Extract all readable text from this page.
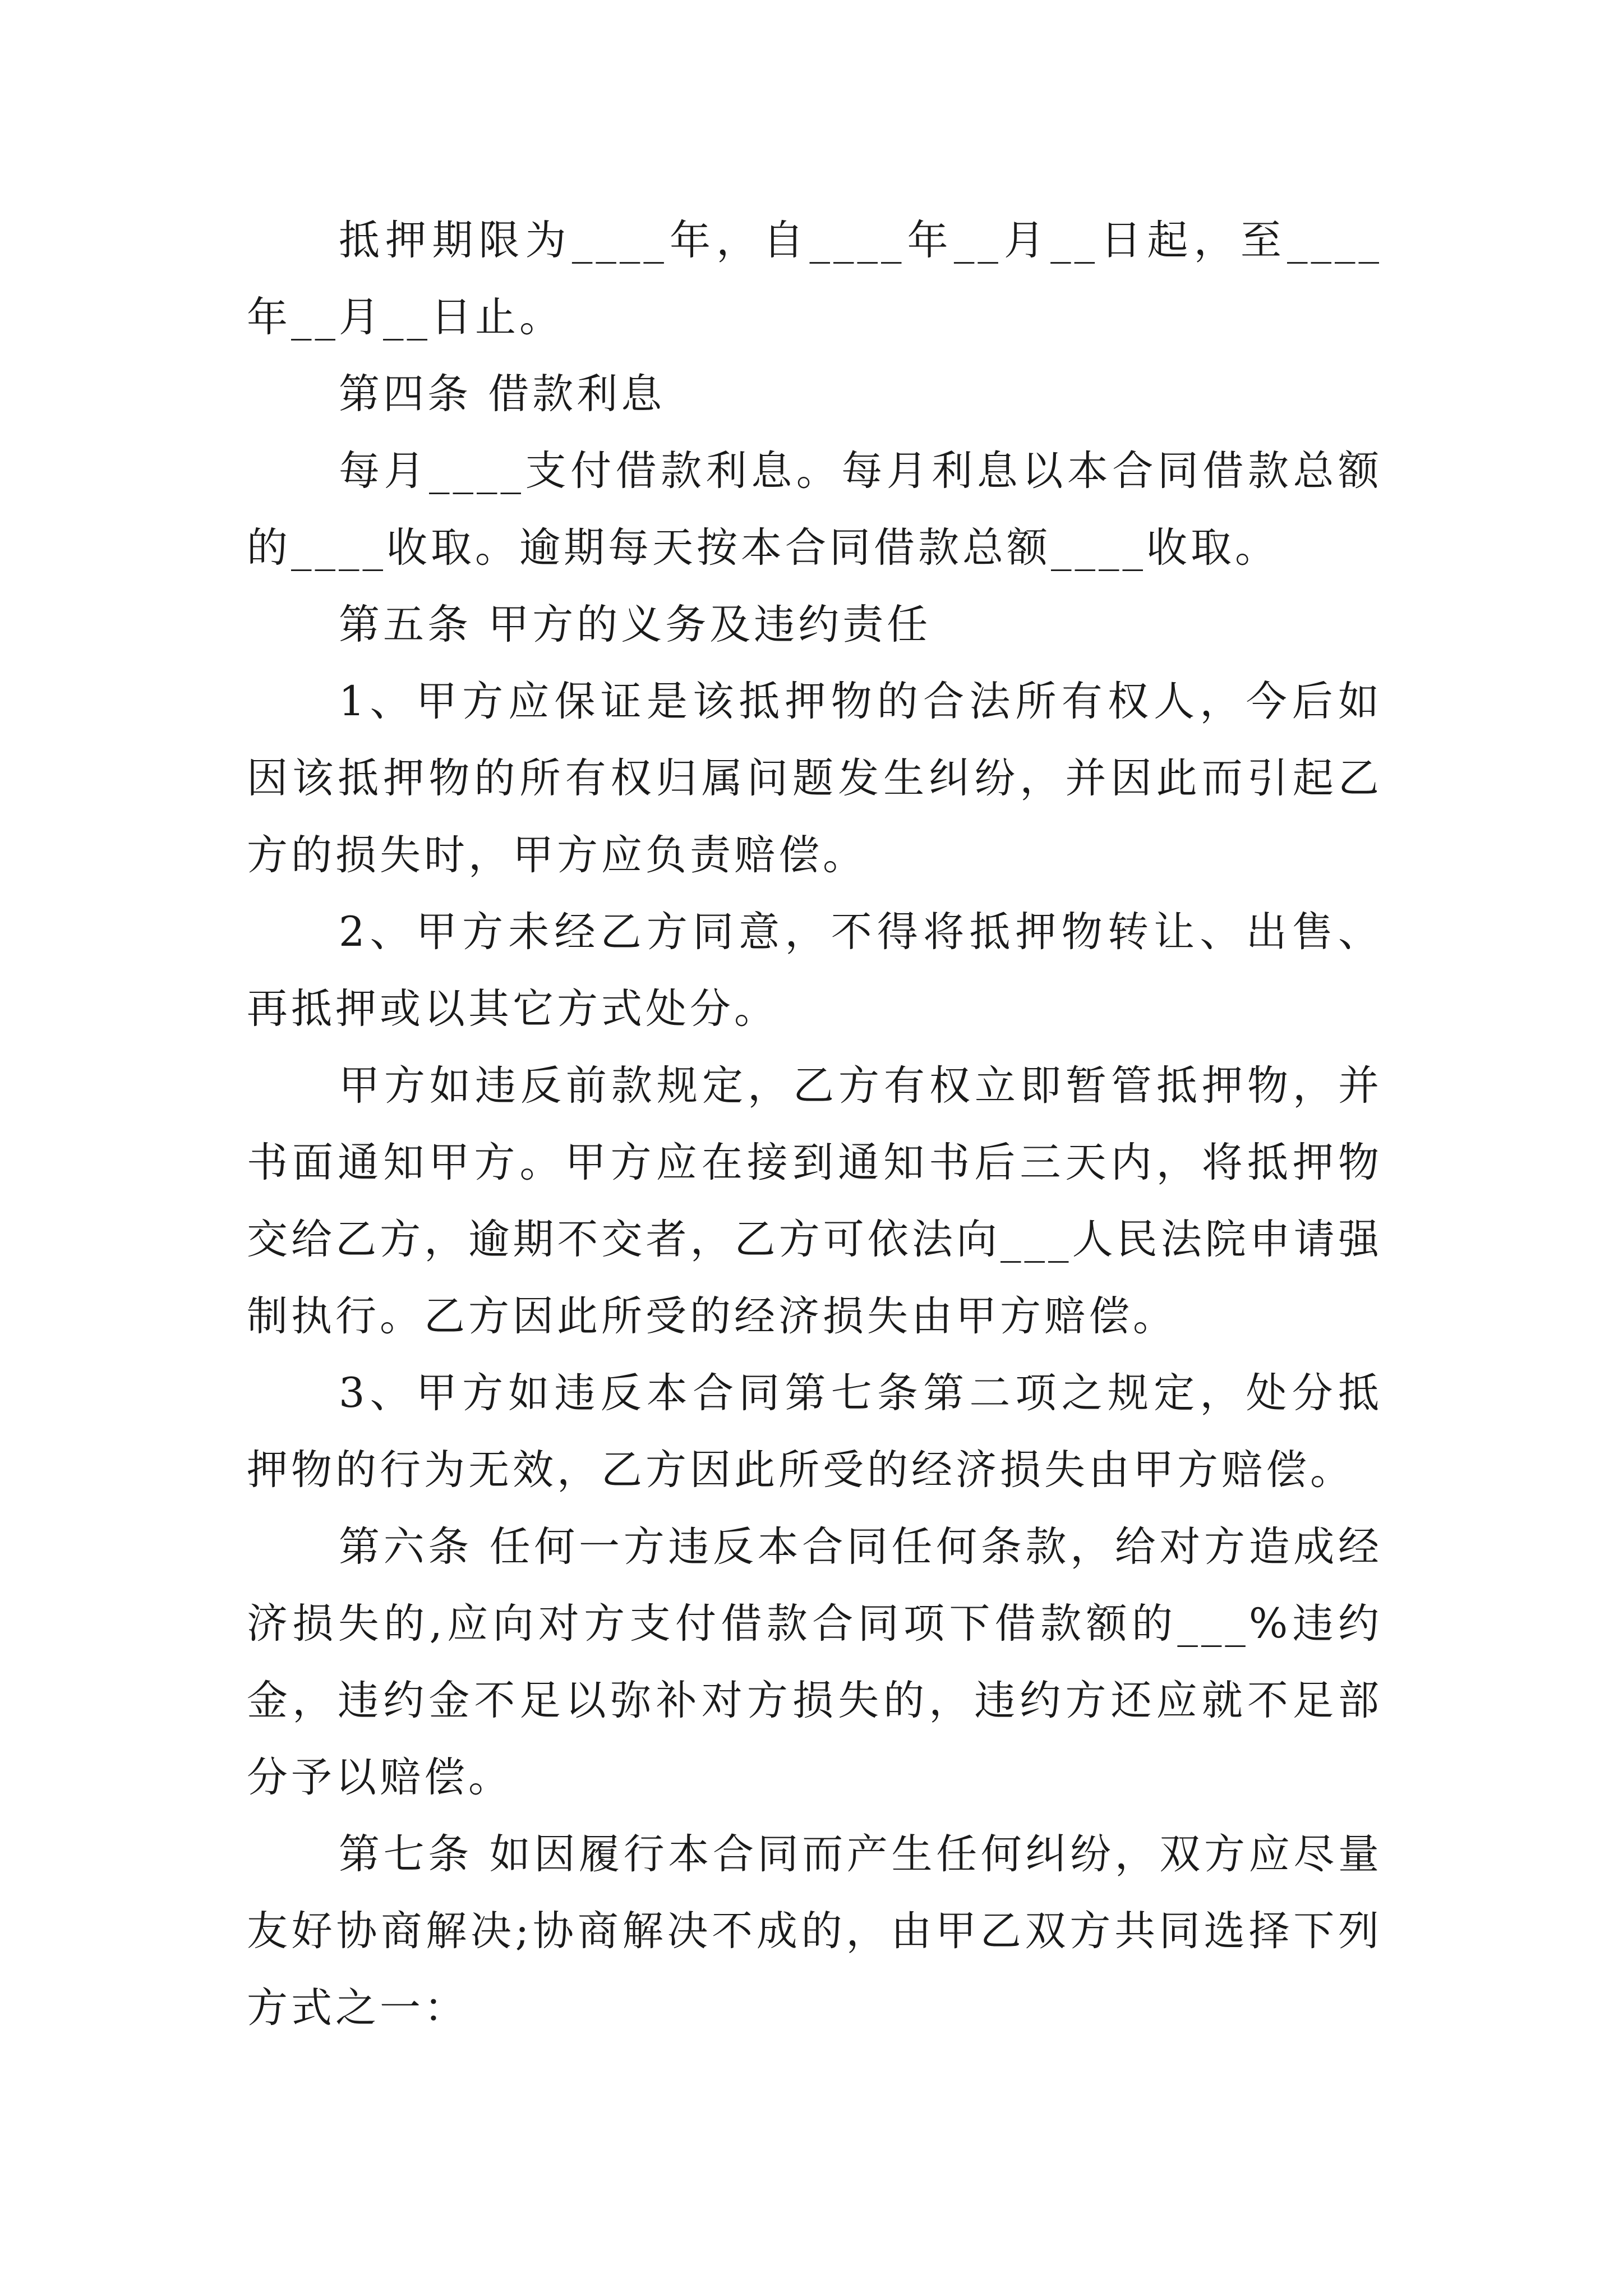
抵押期限为____年，自____年__月__日起，至____年__月__日止。

第四条 借款利息

每月____支付借款利息。每月利息以本合同借款总额的____收取。逾期每天按本合同借款总额____收取。

第五条 甲方的义务及违约责任

1、甲方应保证是该抵押物的合法所有权人，今后如因该抵押物的所有权归属问题发生纠纷，并因此而引起乙方的损失时，甲方应负责赔偿。

2、甲方未经乙方同意，不得将抵押物转让、出售、再抵押或以其它方式处分。

甲方如违反前款规定，乙方有权立即暂管抵押物，并书面通知甲方。甲方应在接到通知书后三天内，将抵押物交给乙方，逾期不交者，乙方可依法向___人民法院申请强制执行。乙方因此所受的经济损失由甲方赔偿。

3、甲方如违反本合同第七条第二项之规定，处分抵押物的行为无效，乙方因此所受的经济损失由甲方赔偿。

第六条 任何一方违反本合同任何条款，给对方造成经济损失的,应向对方支付借款合同项下借款额的___%违约金，违约金不足以弥补对方损失的，违约方还应就不足部分予以赔偿。

第七条 如因履行本合同而产生任何纠纷，双方应尽量友好协商解决;协商解决不成的，由甲乙双方共同选择下列方式之一：
